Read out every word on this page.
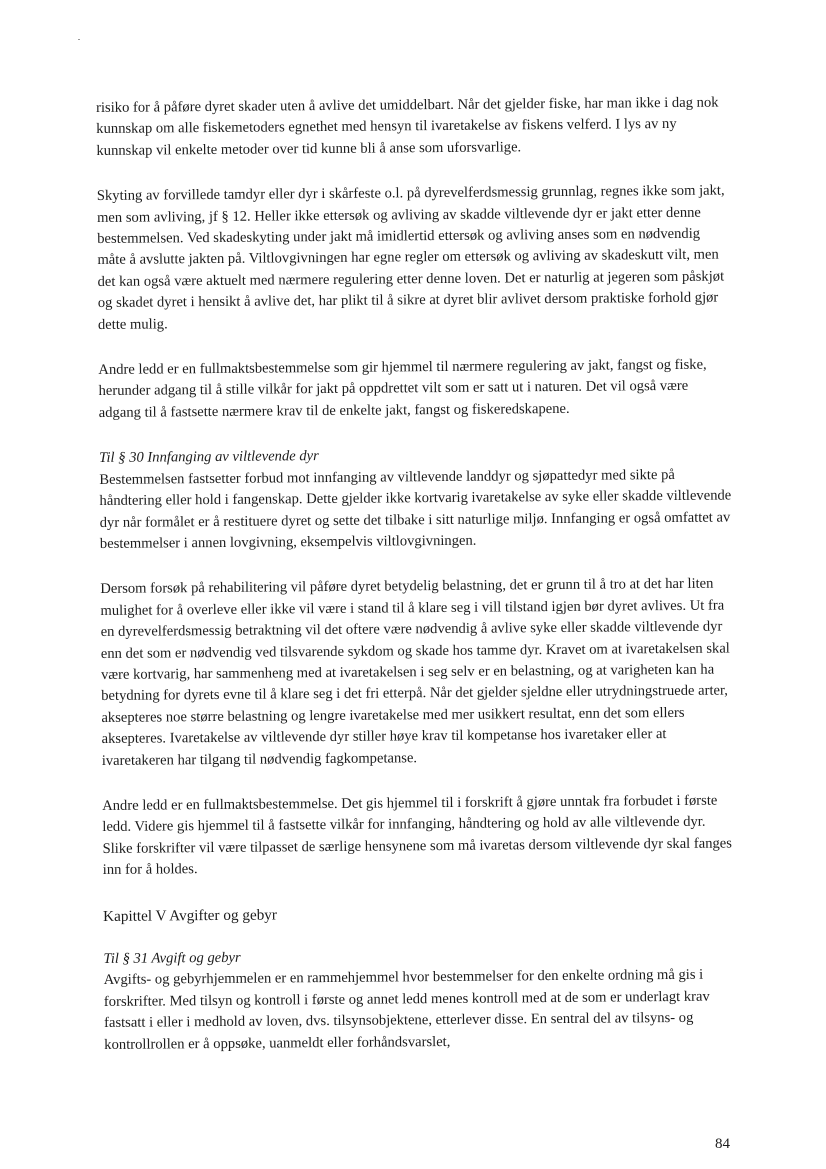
risiko for å påføre dyret skader uten å avlive det umiddelbart. Når det gjelder fiske, har man ikke i dag nok kunnskap om alle fiskemetoders egnethet med hensyn til ivaretakelse av fiskens velferd. I lys av ny kunnskap vil enkelte metoder over tid kunne bli å anse som uforsvarlige.

Skyting av forvillede tamdyr eller dyr i skårfeste o.l. på dyrevelferdsmessig grunnlag, regnes ikke som jakt, men som avliving, jf § 12. Heller ikke ettersøk og avliving av skadde viltlevende dyr er jakt etter denne bestemmelsen. Ved skadeskyting under jakt må imidlertid ettersøk og avliving anses som en nødvendig måte å avslutte jakten på. Viltlovgivningen har egne regler om ettersøk og avliving av skadeskutt vilt, men det kan også være aktuelt med nærmere regulering etter denne loven. Det er naturlig at jegeren som påskjøt og skadet dyret i hensikt å avlive det, har plikt til å sikre at dyret blir avlivet dersom praktiske forhold gjør dette mulig.

Andre ledd er en fullmaktsbestemmelse som gir hjemmel til nærmere regulering av jakt, fangst og fiske, herunder adgang til å stille vilkår for jakt på oppdrettet vilt som er satt ut i naturen. Det vil også være adgang til å fastsette nærmere krav til de enkelte jakt, fangst og fiskeredskapene.

Til § 30 Innfanging av viltlevende dyr

Bestemmelsen fastsetter forbud mot innfanging av viltlevende landdyr og sjøpattedyr med sikte på håndtering eller hold i fangenskap. Dette gjelder ikke kortvarig ivaretakelse av syke eller skadde viltlevende dyr når formålet er å restituere dyret og sette det tilbake i sitt naturlige miljø. Innfanging er også omfattet av bestemmelser i annen lovgivning, eksempelvis viltlovgivningen.

Dersom forsøk på rehabilitering vil påføre dyret betydelig belastning, det er grunn til å tro at det har liten mulighet for å overleve eller ikke vil være i stand til å klare seg i vill tilstand igjen bør dyret avlives. Ut fra en dyrevelferdsmessig betraktning vil det oftere være nødvendig å avlive syke eller skadde viltlevende dyr enn det som er nødvendig ved tilsvarende sykdom og skade hos tamme dyr. Kravet om at ivaretakelsen skal være kortvarig, har sammenheng med at ivaretakelsen i seg selv er en belastning, og at varigheten kan ha betydning for dyrets evne til å klare seg i det fri etterpå. Når det gjelder sjeldne eller utrydningstruede arter, aksepteres noe større belastning og lengre ivaretakelse med mer usikkert resultat, enn det som ellers aksepteres. Ivaretakelse av viltlevende dyr stiller høye krav til kompetanse hos ivaretaker eller at ivaretakeren har tilgang til nødvendig fagkompetanse.

Andre ledd er en fullmaktsbestemmelse. Det gis hjemmel til i forskrift å gjøre unntak fra forbudet i første ledd. Videre gis hjemmel til å fastsette vilkår for innfanging, håndtering og hold av alle viltlevende dyr. Slike forskrifter vil være tilpasset de særlige hensynene som må ivaretas dersom viltlevende dyr skal fanges inn for å holdes.

Kapittel V Avgifter og gebyr

Til § 31 Avgift og gebyr

Avgifts- og gebyrhjemmelen er en rammehjemmel hvor bestemmelser for den enkelte ordning må gis i forskrifter. Med tilsyn og kontroll i første og annet ledd menes kontroll med at de som er underlagt krav fastsatt i eller i medhold av loven, dvs. tilsynsobjektene, etterlever disse. En sentral del av tilsyns- og kontrollrollen er å oppsøke, uanmeldt eller forhåndsvarslet,

84
